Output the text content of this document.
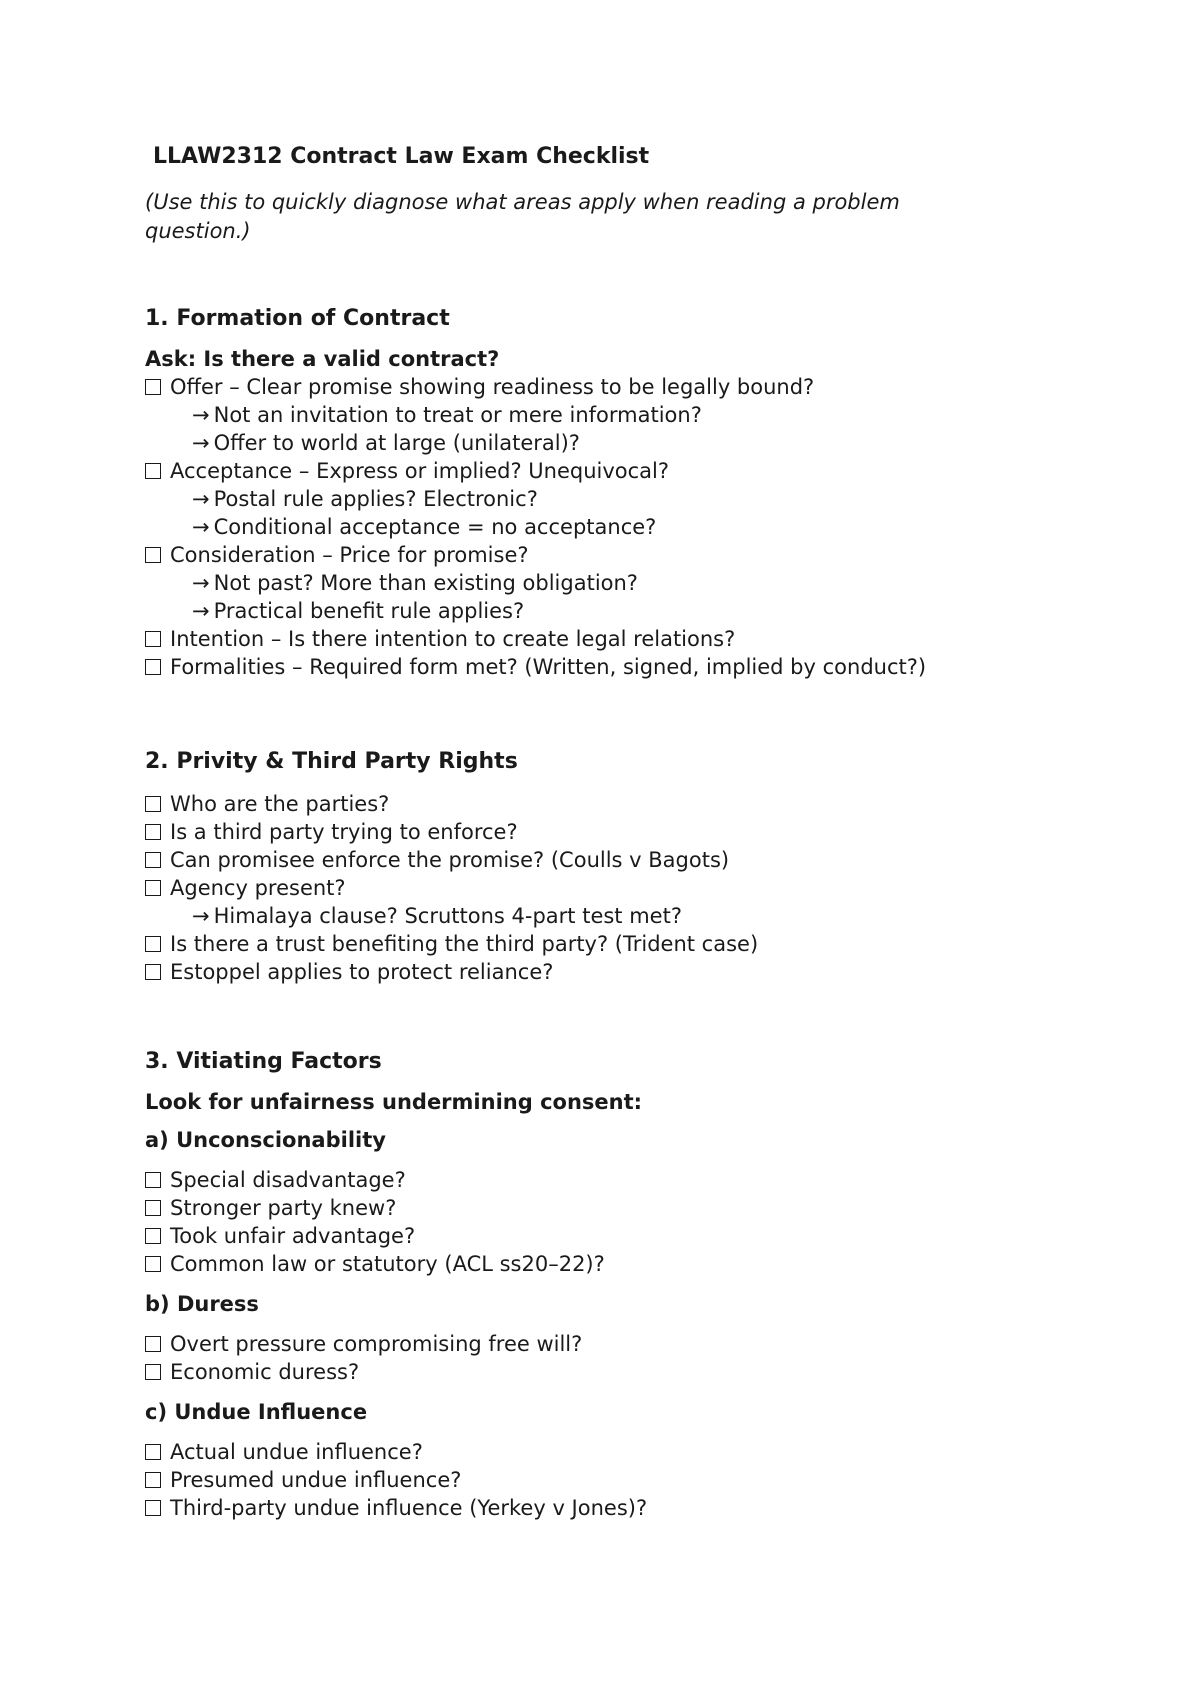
LLAW2312 Contract Law Exam Checklist
(Use this to quickly diagnose what areas apply when reading a problem question.)
1. Formation of Contract
Ask: Is there a valid contract?
Offer – Clear promise showing readiness to be legally bound?
→ Not an invitation to treat or mere information?
→ Offer to world at large (unilateral)?
Acceptance – Express or implied? Unequivocal?
→ Postal rule applies? Electronic?
→ Conditional acceptance = no acceptance?
Consideration – Price for promise?
→ Not past? More than existing obligation?
→ Practical benefit rule applies?
Intention – Is there intention to create legal relations?
Formalities – Required form met? (Written, signed, implied by conduct?)
2. Privity & Third Party Rights
Who are the parties?
Is a third party trying to enforce?
Can promisee enforce the promise? (Coulls v Bagots)
Agency present?
→ Himalaya clause? Scruttons 4-part test met?
Is there a trust benefiting the third party? (Trident case)
Estoppel applies to protect reliance?
3. Vitiating Factors
Look for unfairness undermining consent:
a) Unconscionability
Special disadvantage?
Stronger party knew?
Took unfair advantage?
Common law or statutory (ACL ss20–22)?
b) Duress
Overt pressure compromising free will?
Economic duress?
c) Undue Influence
Actual undue influence?
Presumed undue influence?
Third-party undue influence (Yerkey v Jones)?
